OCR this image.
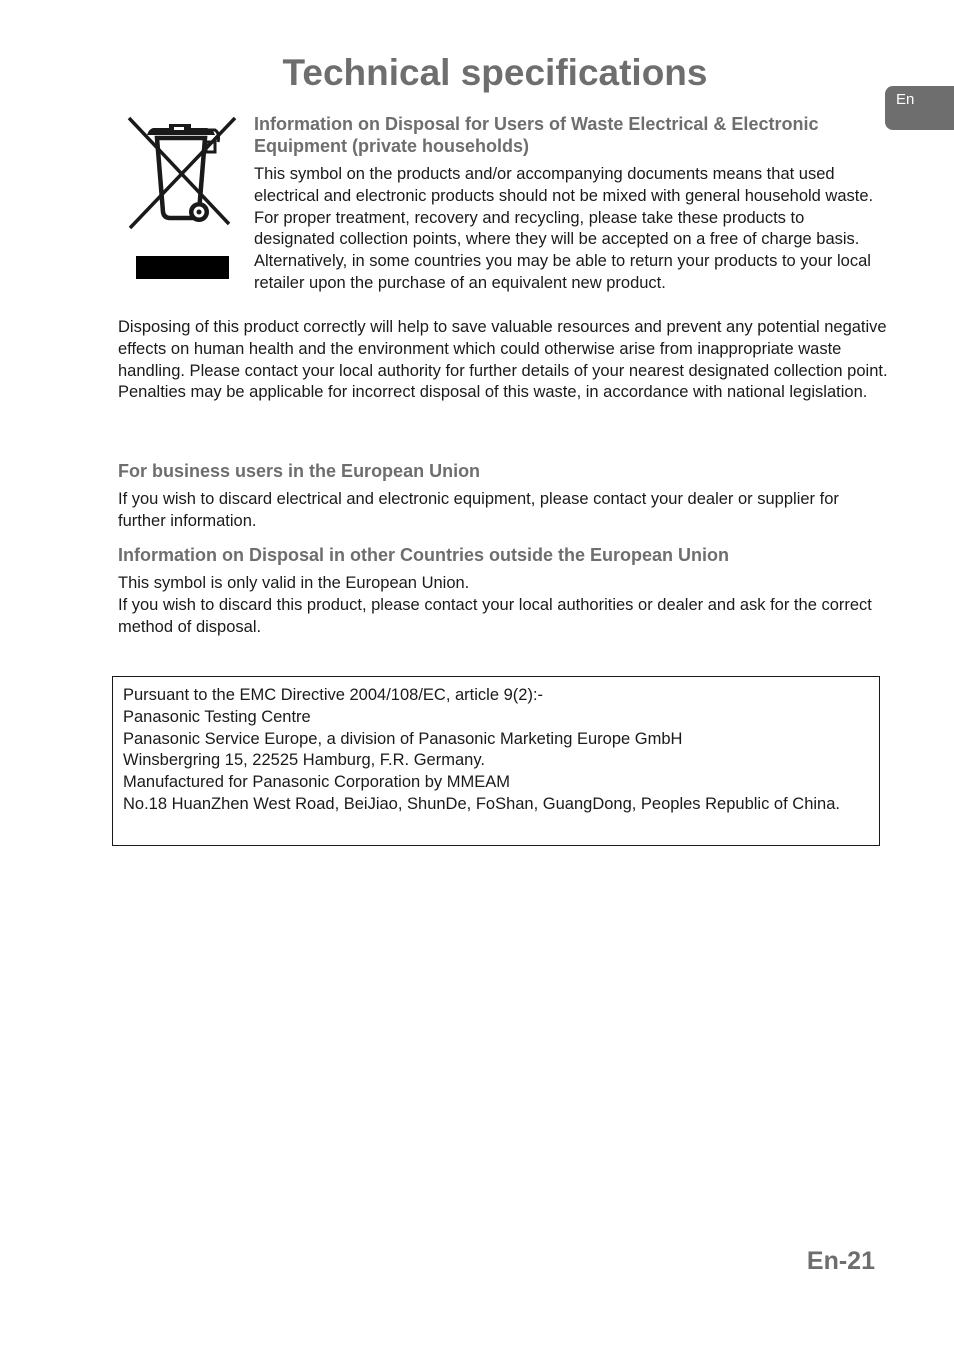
Technical specifications
En
Information on Disposal for Users of Waste Electrical & Electronic Equipment (private households)

This symbol on the products and/or accompanying documents means that used electrical and electronic products should not be mixed with general household waste.

For proper treatment, recovery and recycling, please take these products to designated collection points, where they will be accepted on a free of charge basis. Alternatively, in some countries you may be able to return your products to your local retailer upon the purchase of an equivalent new product.

Disposing of this product correctly will help to save valuable resources and prevent any potential negative effects on human health and the environment which could otherwise arise from inappropriate waste handling. Please contact your local authority for further details of your nearest designated collection point.

Penalties may be applicable for incorrect disposal of this waste, in accordance with national legislation.

For business users in the European Union

If you wish to discard electrical and electronic equipment, please contact your dealer or supplier for further information.

Information on Disposal in other Countries outside the European Union

This symbol is only valid in the European Union.

If you wish to discard this product, please contact your local authorities or dealer and ask for the correct method of disposal.

Pursuant to the EMC Directive 2004/108/EC, article 9(2):-
Panasonic Testing Centre
Panasonic Service Europe, a division of Panasonic Marketing Europe GmbH
Winsbergring 15, 22525 Hamburg, F.R. Germany.
Manufactured for Panasonic Corporation by MMEAM
No.18 HuanZhen West Road, BeiJiao, ShunDe, FoShan, GuangDong, Peoples Republic of China.
En-21
